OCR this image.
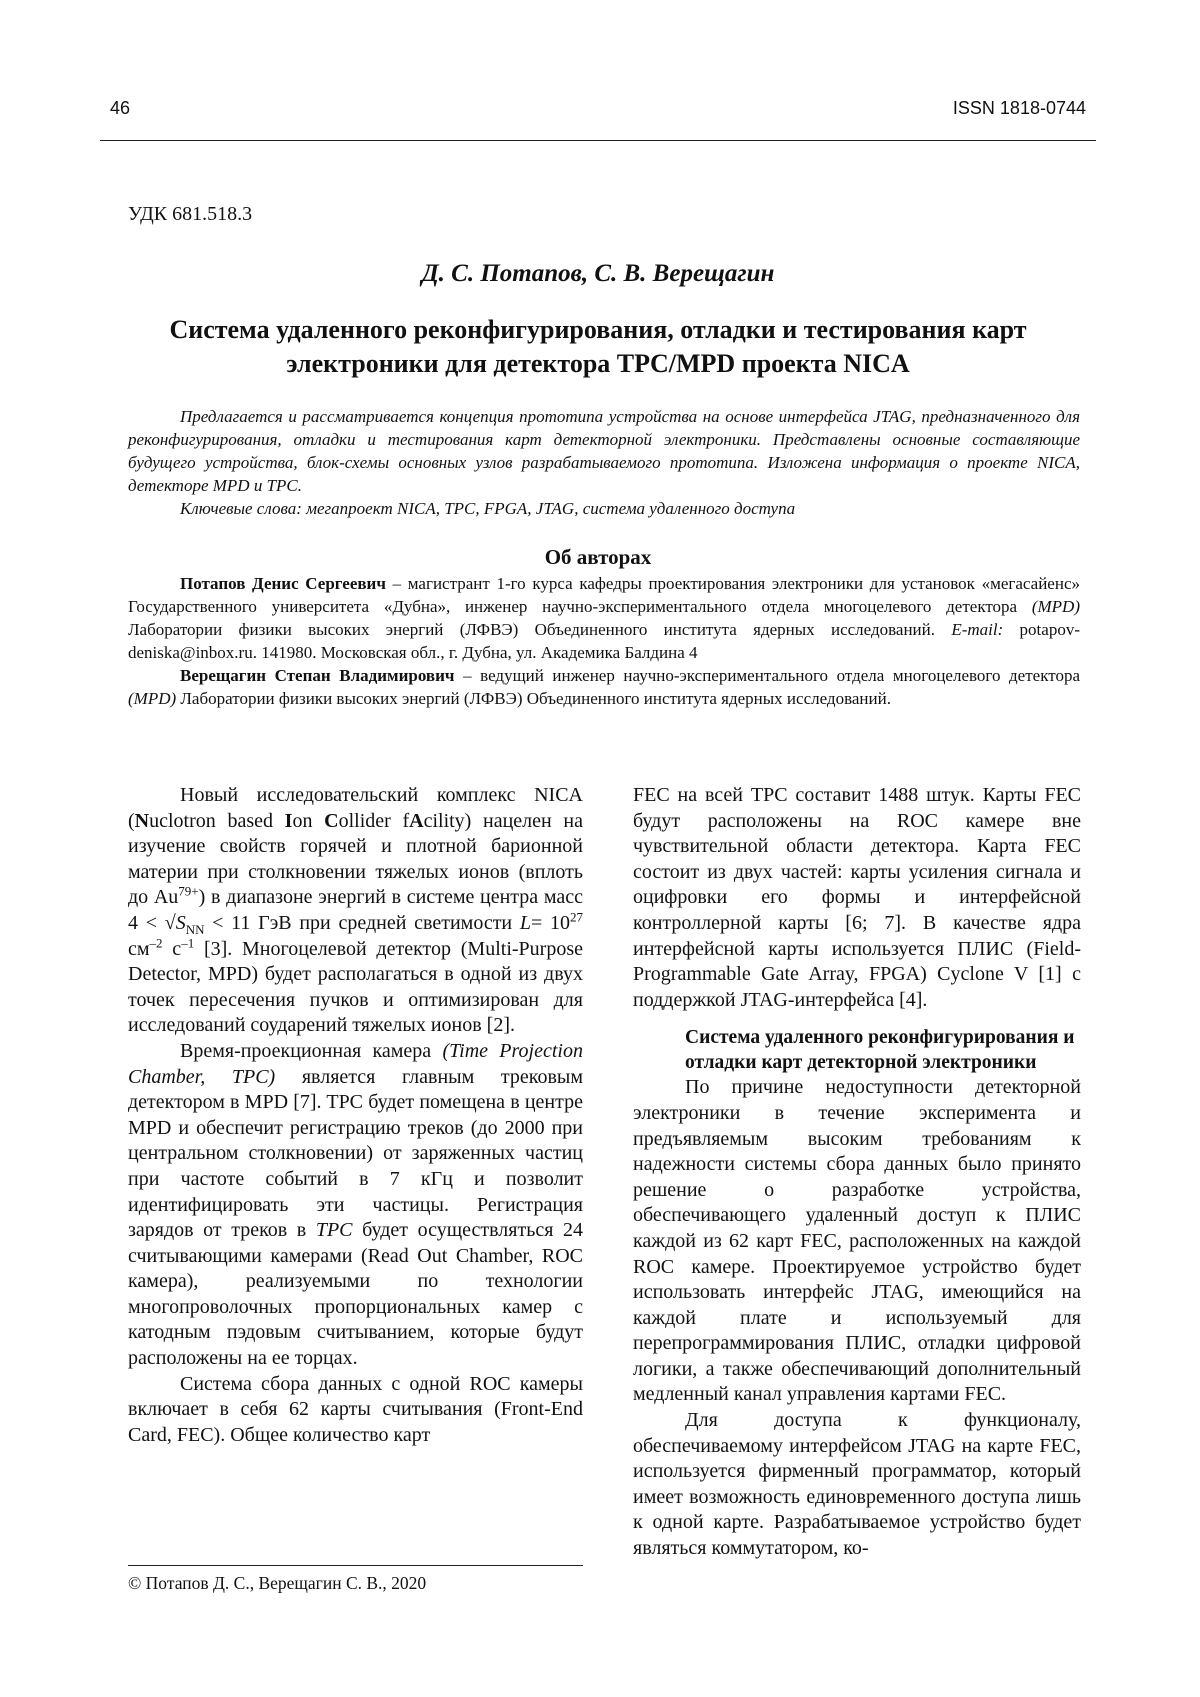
46	ISSN 1818-0744
УДК 681.518.3
Д. С. Потапов, С. В. Верещагин
Система удаленного реконфигурирования, отладки и тестирования карт
электроники для детектора TPC/MPD проекта NICA

Предлагается и рассматривается концепция прототипа устройства на основе интерфейса JTAG, предназначенного для реконфигурирования, отладки и тестирования карт детекторной электроники. Представлены основные составляющие будущего устройства, блок-схемы основных узлов разрабатываемого прототипа. Изложена информация о проекте NICA, детекторе MPD и TPC.

Ключевые слова: мегапроект NICA, TPC, FPGA, JTAG, система удаленного доступа

Об авторах

Потапов Денис Сергеевич – магистрант 1-го курса кафедры проектирования электроники для установок «мегасайенс» Государственного университета «Дубна», инженер научно-экспериментального отдела многоцелевого детектора (MPD) Лаборатории физики высоких энергий (ЛФВЭ) Объединенного института ядерных исследований. E-mail: potapov-deniska@inbox.ru. 141980. Московская обл., г. Дубна, ул. Академика Балдина 4

Верещагин Степан Владимирович – ведущий инженер научно-экспериментального отдела многоцелевого детектора (MPD) Лаборатории физики высоких энергий (ЛФВЭ) Объединенного института ядерных исследований.

Новый исследовательский комплекс NICA (Nuclotron based Ion Collider fAcility) нацелен на изучение свойств горячей и плотной барионной материи при столкновении тяжелых ионов (вплоть до $Au^{79+}$) в диапазоне энергий в системе центра масс $4 < √S_{NN} < 11$ ГэВ при средней светимости $L= 10^{27}$ $см^{-2}$ $с^{-1}$ [3]. Многоцелевой детектор (Multi-Purpose Detector, MPD) будет располагаться в одной из двух точек пересечения пучков и оптимизирован для исследований соударений тяжелых ионов [2].

Время-проекционная камера (Time Projection Chamber, TPC) является главным трековым детектором в MPD [7]. TPC будет помещена в центре MPD и обеспечит регистрацию треков (до 2000 при центральном столкновении) от заряженных частиц при частоте событий в 7 кГц и позволит идентифицировать эти частицы. Регистрация зарядов от треков в TPC будет осуществляться 24 считывающими камерами (Read Out Chamber, ROC камера), реализуемыми по технологии многопроволочных пропорциональных камер с катодным пэдовым считыванием, которые будут расположены на ее торцах.

Система сбора данных с одной ROC камеры включает в себя 62 карты считывания (Front-End Card, FEC). Общее количество карт

FEC на всей TPC составит 1488 штук. Карты FEC будут расположены на ROC камере вне чувствительной области детектора. Карта FEC состоит из двух частей: карты усиления сигнала и оцифровки его формы и интерфейсной контроллерной карты [6; 7]. В качестве ядра интерфейсной карты используется ПЛИС (Field-Programmable Gate Array, FPGA) Cyclone V [1] с поддержкой JTAG-интерфейса [4].

Система удаленного реконфигурирования и отладки карт детекторной электроники

По причине недоступности детекторной электроники в течение эксперимента и предъявляемым высоким требованиям к надежности системы сбора данных было принято решение о разработке устройства, обеспечивающего удаленный доступ к ПЛИС каждой из 62 карт FEC, расположенных на каждой ROC камере. Проектируемое устройство будет использовать интерфейс JTAG, имеющийся на каждой плате и используемый для перепрограммирования ПЛИС, отладки цифровой логики, а также обеспечивающий дополнительный медленный канал управления картами FEC.

Для доступа к функционалу, обеспечиваемому интерфейсом JTAG на карте FEC, используется фирменный программатор, который имеет возможность единовременного доступа лишь к одной карте. Разрабатываемое устройство будет являться коммутатором, ко-

© Потапов Д. С., Верещагин С. В., 2020
